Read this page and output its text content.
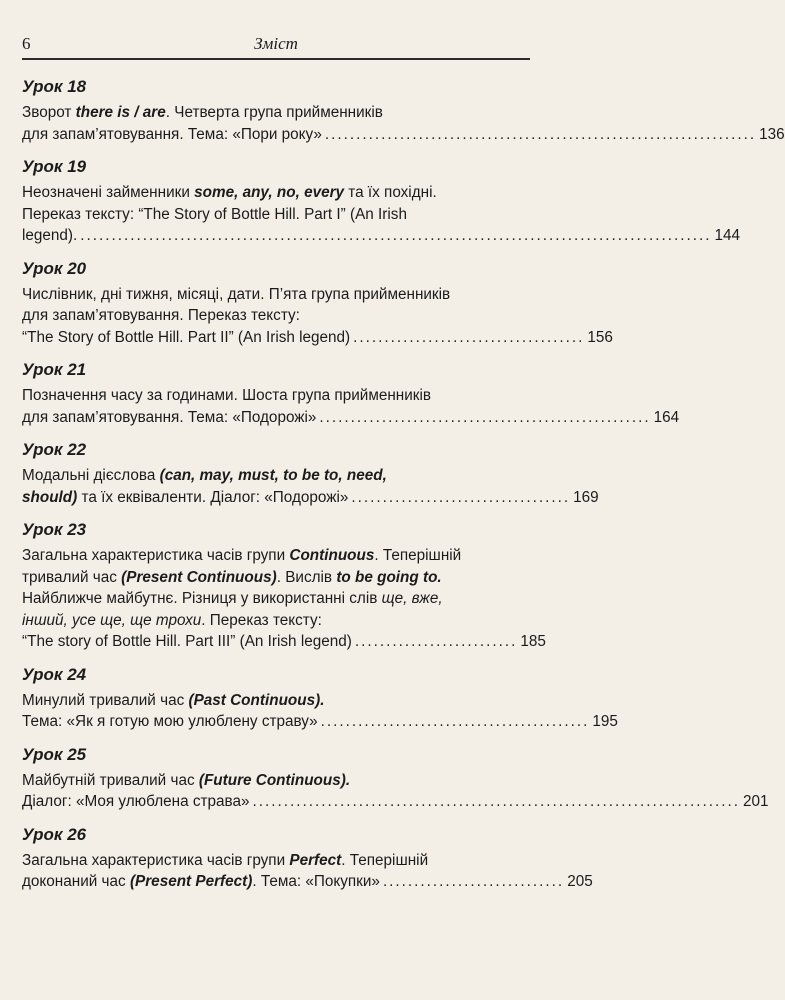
6	Зміст
Урок 18
Зворот there is / are. Четверта група прийменників
для запам’ятовування. Тема: «Пори року» ..................................................................... 136
Урок 19
Неозначені займенники some, any, no, every та їх похідні.
Переказ тексту: “The Story of Bottle Hill. Part I” (An Irish
legend). ..................................................................................................... 144
Урок 20
Числівник, дні тижня, місяці, дати. П’ята група прийменників
для запам’ятовування. Переказ тексту:
“The Story of Bottle Hill. Part II” (An Irish legend) ..................................... 156
Урок 21
Позначення часу за годинами. Шоста група прийменників
для запам’ятовування. Тема: «Подорожі» ..................................................... 164
Урок 22
Модальні дієслова (can, may, must, to be to, need,
should) та їх еквіваленти. Діалог: «Подорожі» ................................... 169
Урок 23
Загальна характеристика часів групи Continuous. Теперішній
тривалий час (Present Continuous). Вислів to be going to.
Найближче майбутнє. Різниця у використанні слів ще, вже,
інший, усе ще, ще трохи. Переказ тексту:
“The story of Bottle Hill. Part III” (An Irish legend) .......................... 185
Урок 24
Минулий тривалий час (Past Continuous).
Тема: «Як я готую мою улюблену страву» ........................................... 195
Урок 25
Майбутній тривалий час (Future Continuous).
Діалог: «Моя улюблена страва» .............................................................................. 201
Урок 26
Загальна характеристика часів групи Perfect. Теперішній
доконаний час (Present Perfect). Тема: «Покупки» ............................. 205
